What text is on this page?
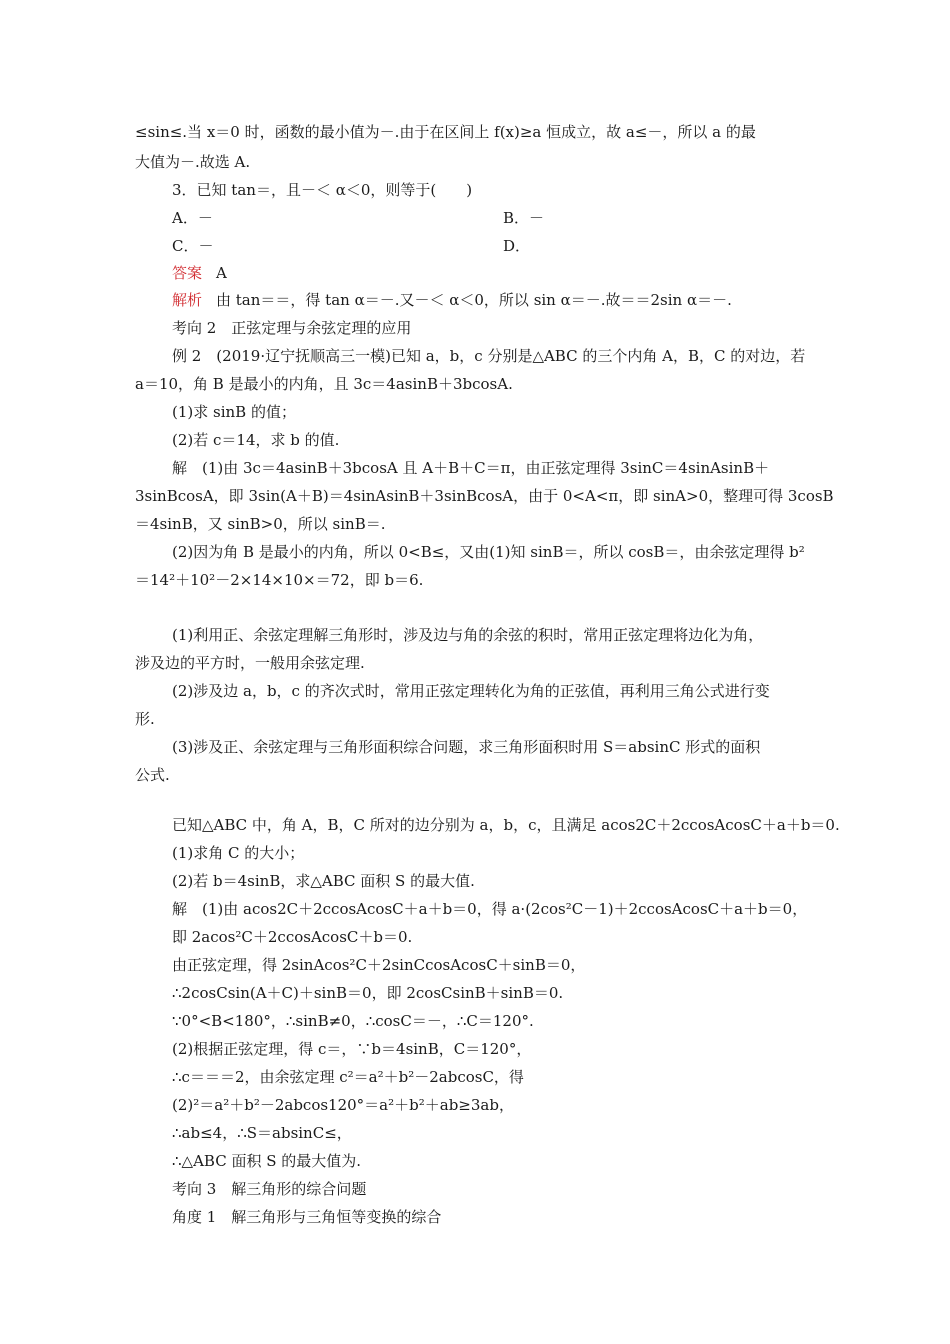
≤sin≤.当 x＝0 时，函数的最小值为－.由于在区间上 f(x)≥a 恒成立，故 a≤－，所以 a 的最
大值为－.故选 A.
3．已知 tan＝，且－＜ α＜0，则等于(　　)
A．－	B．－
C．－	D．
答案 A
解析 由 tan＝＝，得 tan α＝－.又－＜ α＜0，所以 sin α＝－.故＝＝2sin α＝－.
考向 2　正弦定理与余弦定理的应用
例 2　(2019·辽宁抚顺高三一模)已知 a，b，c 分别是△ABC 的三个内角 A，B，C 的对边，若
a＝10，角 B 是最小的内角，且 3c＝4asinB＋3bcosA.
(1)求 sinB 的值；
(2)若 c＝14，求 b 的值.
解　(1)由 3c＝4asinB＋3bcosA 且 A＋B＋C＝π，由正弦定理得 3sinC＝4sinAsinB＋
3sinBcosA，即 3sin(A＋B)＝4sinAsinB＋3sinBcosA，由于 0<A<π，即 sinA>0，整理可得 3cosB
＝4sinB，又 sinB>0，所以 sinB＝.
(2)因为角 B 是最小的内角，所以 0<B≤，又由(1)知 sinB＝，所以 cosB＝，由余弦定理得 b²
＝14²＋10²－2×14×10×＝72，即 b＝6.
(1)利用正、余弦定理解三角形时，涉及边与角的余弦的积时，常用正弦定理将边化为角，
涉及边的平方时，一般用余弦定理.
(2)涉及边 a，b，c 的齐次式时，常用正弦定理转化为角的正弦值，再利用三角公式进行变
形.
(3)涉及正、余弦定理与三角形面积综合问题，求三角形面积时用 S＝absinC 形式的面积
公式.
已知△ABC 中，角 A，B，C 所对的边分别为 a，b，c，且满足 acos2C＋2ccosAcosC＋a＋b＝0.
(1)求角 C 的大小；
(2)若 b＝4sinB，求△ABC 面积 S 的最大值.
解　(1)由 acos2C＋2ccosAcosC＋a＋b＝0，得 a·(2cos²C－1)＋2ccosAcosC＋a＋b＝0，
即 2acos²C＋2ccosAcosC＋b＝0.
由正弦定理，得 2sinAcos²C＋2sinCcosAcosC＋sinB＝0，
∴2cosCsin(A＋C)＋sinB＝0，即 2cosCsinB＋sinB＝0.
∵0°<B<180°，∴sinB≠0，∴cosC＝－，∴C＝120°.
(2)根据正弦定理，得 c＝，∵b＝4sinB，C＝120°，
∴c＝＝＝2，由余弦定理 c²＝a²＋b²－2abcosC，得
(2)²＝a²＋b²－2abcos120°＝a²＋b²＋ab≥3ab，
∴ab≤4，∴S＝absinC≤，
∴△ABC 面积 S 的最大值为.
考向 3　解三角形的综合问题
角度 1　解三角形与三角恒等变换的综合
